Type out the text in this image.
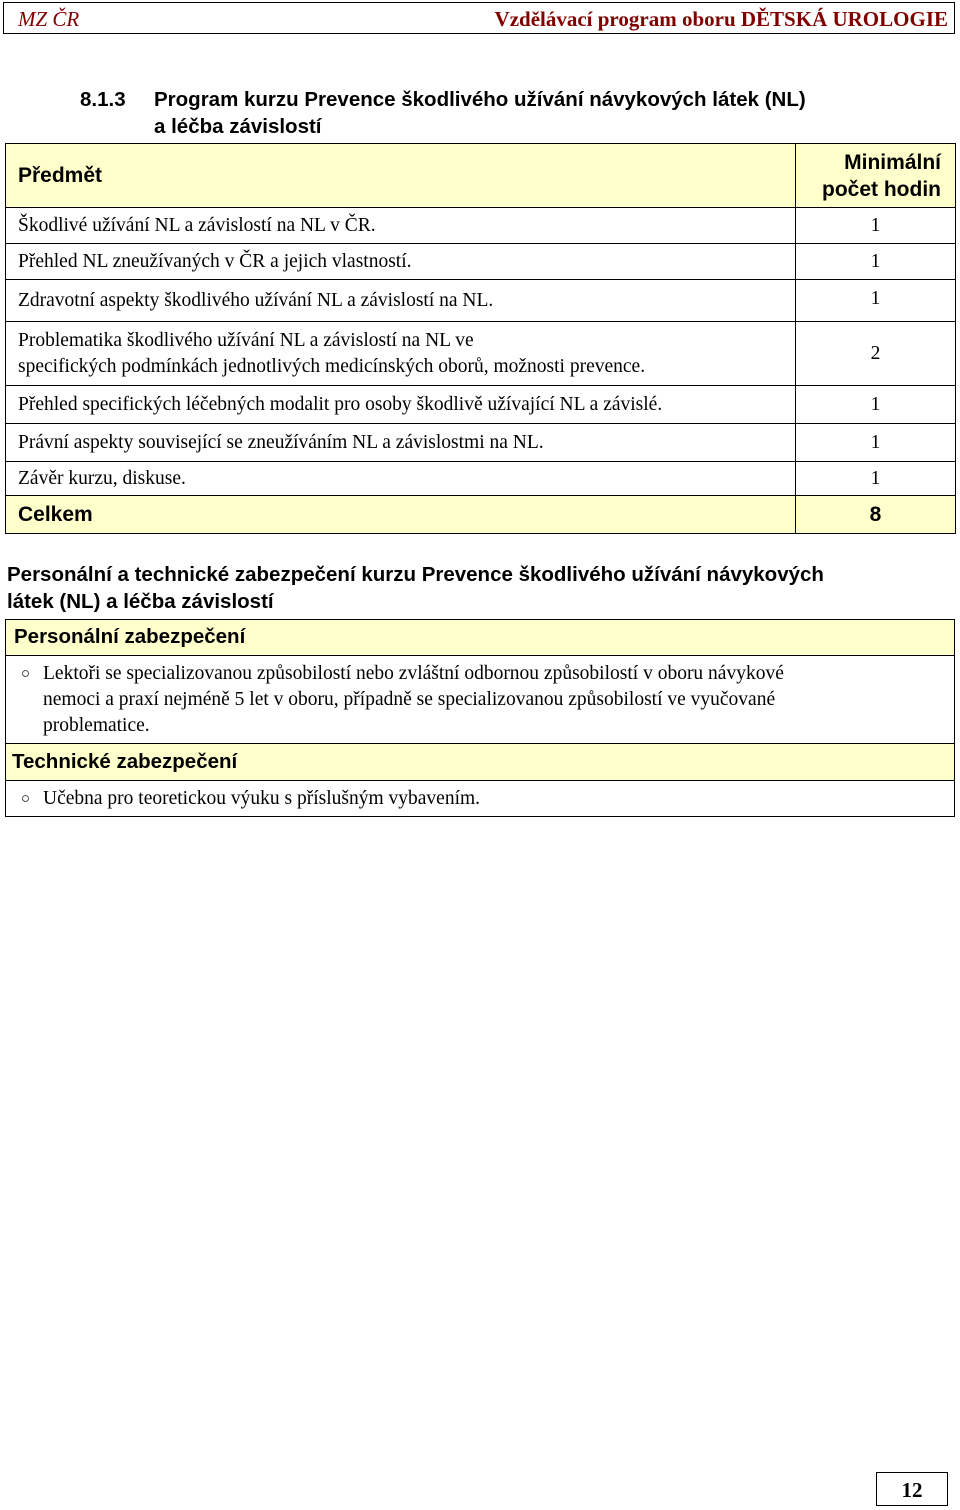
MZ ČR	Vzdělávací program oboru DĚTSKÁ UROLOGIE
8.1.3 Program kurzu Prevence škodlivého užívání návykových látek (NL)
a léčba závislostí
Předmět	Minimální
počet hodin

Škodlivé užívání NL a závislostí na NL v ČR.	1
Přehled NL zneužívaných v ČR a jejich vlastností.	1
Zdravotní aspekty škodlivého užívání NL a závislostí na NL.	1

Problematika škodlivého užívání NL a závislostí na NL ve
specifických podmínkách jednotlivých medicínských oborů, možnosti prevence.	2
Přehled specifických léčebných modalit pro osoby škodlivě užívající NL a závislé.	1
Právní aspekty související se zneužíváním NL a závislostmi na NL.	1
Závěr kurzu, diskuse.	1
Celkem	8
Personální a technické zabezpečení kurzu Prevence škodlivého užívání návykových
látek (NL) a léčba závislostí
Personální zabezpečení
Lektoři se specializovanou způsobilostí nebo zvláštní odbornou způsobilostí v oboru návykové
nemoci a praxí nejméně 5 let v oboru, případně se specializovanou způsobilostí ve vyučované
problematice.
Technické zabezpečení
Učebna pro teoretickou výuku s příslušným vybavením.
12
